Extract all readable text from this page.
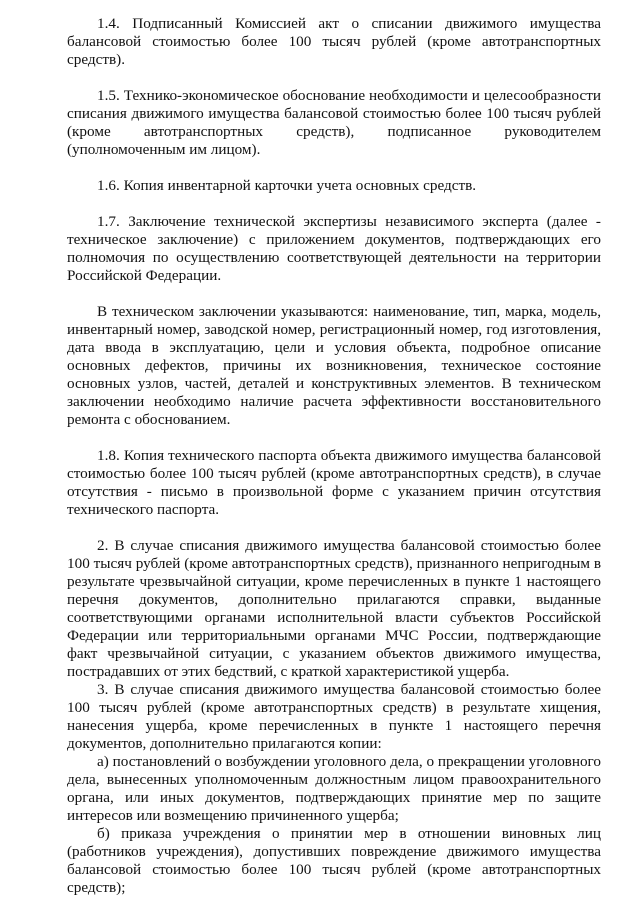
1.4. Подписанный Комиссией акт о списании движимого имущества балансовой стоимостью более 100 тысяч рублей (кроме автотранспортных средств).

1.5. Технико-экономическое обоснование необходимости и целесообразности списания движимого имущества балансовой стоимостью более 100 тысяч рублей (кроме автотранспортных средств), подписанное руководителем (уполномоченным им лицом).

1.6. Копия инвентарной карточки учета основных средств.

1.7. Заключение технической экспертизы независимого эксперта (далее - техническое заключение) с приложением документов, подтверждающих его полномочия по осуществлению соответствующей деятельности на территории Российской Федерации.

В техническом заключении указываются: наименование, тип, марка, модель, инвентарный номер, заводской номер, регистрационный номер, год изготовления, дата ввода в эксплуатацию, цели и условия объекта, подробное описание основных дефектов, причины их возникновения, техническое состояние основных узлов, частей, деталей и конструктивных элементов. В техническом заключении необходимо наличие расчета эффективности восстановительного ремонта с обоснованием.

1.8. Копия технического паспорта объекта движимого имущества балансовой стоимостью более 100 тысяч рублей (кроме автотранспортных средств), в случае отсутствия - письмо в произвольной форме с указанием причин отсутствия технического паспорта.

2. В случае списания движимого имущества балансовой стоимостью более 100 тысяч рублей (кроме автотранспортных средств), признанного непригодным в результате чрезвычайной ситуации, кроме перечисленных в пункте 1 настоящего перечня документов, дополнительно прилагаются справки, выданные соответствующими органами исполнительной власти субъектов Российской Федерации или территориальными органами МЧС России, подтверждающие факт чрезвычайной ситуации, с указанием объектов движимого имущества, пострадавших от этих бедствий, с краткой характеристикой ущерба.

3. В случае списания движимого имущества балансовой стоимостью более 100 тысяч рублей (кроме автотранспортных средств) в результате хищения, нанесения ущерба, кроме перечисленных в пункте 1 настоящего перечня документов, дополнительно прилагаются копии:

а) постановлений о возбуждении уголовного дела, о прекращении уголовного дела, вынесенных уполномоченным должностным лицом правоохранительного органа, или иных документов, подтверждающих принятие мер по защите интересов или возмещению причиненного ущерба;

б) приказа учреждения о принятии мер в отношении виновных лиц (работников учреждения), допустивших повреждение движимого имущества балансовой стоимостью более 100 тысяч рублей (кроме автотранспортных средств);
